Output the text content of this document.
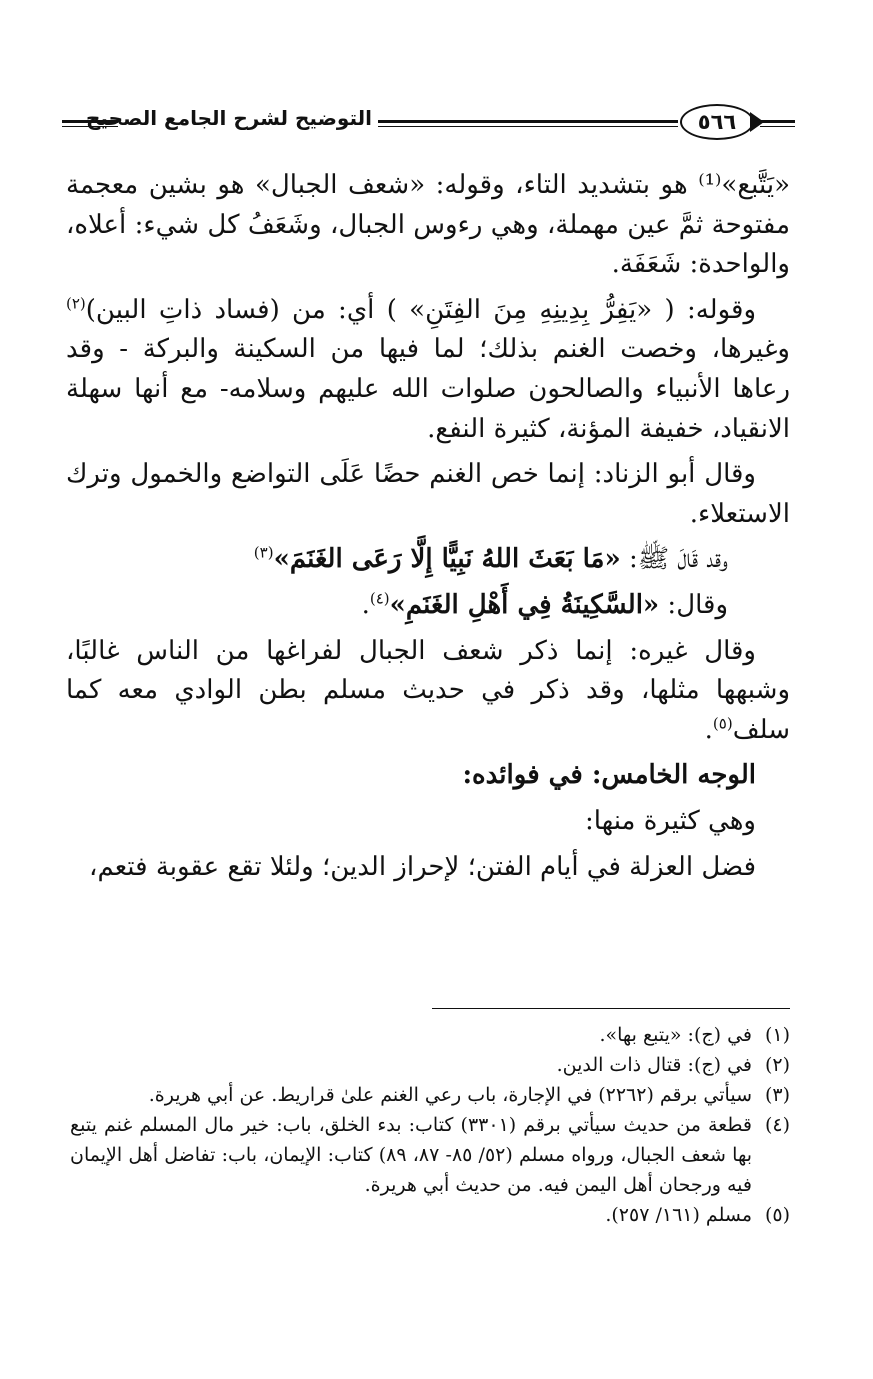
التوضيح لشرح الجامع الصحيح	٥٦٦

«يَتَّبع»⁽¹⁾ هو بتشديد التاء، وقوله: «شعف الجبال» هو بشين معجمة مفتوحة ثمَّ عين مهملة، وهي رءوس الجبال، وشَعَفُ كل شيء: أعلاه، والواحدة: شَعَفَة.

وقوله: ( «يَفِرُّ بِدِينِهِ مِنَ الفِتَنِ» ) أي: من (فساد ذاتِ البين)$^{(٢)}$ وغيرها، وخصت الغنم بذلك؛ لما فيها من السكينة والبركة - وقد رعاها الأنبياء والصالحون صلوات الله عليهم وسلامه- مع أنها سهلة الانقياد، خفيفة المؤنة، كثيرة النفع.

وقال أبو الزناد: إنما خص الغنم حضًا عَلَى التواضع والخمول وترك الاستعلاء.

وقد قَالَ ﷺ: «مَا بَعَثَ اللهُ نَبِيًّا إِلَّا رَعَى الغَنَمَ»$^{(٣)}$

وقال: «السَّكِينَةُ فِي أَهْلِ الغَنَمِ»$^{(٤)}$.

وقال غيره: إنما ذكر شعف الجبال لفراغها من الناس غالبًا، وشبهها مثلها، وقد ذكر في حديث مسلم بطن الوادي معه كما سلف$^{(٥)}$.

الوجه الخامس: في فوائده:

وهي كثيرة منها:

فضل العزلة في أيام الفتن؛ لإحراز الدين؛ ولئلا تقع عقوبة فتعم،

(١)
في (ج): «يتبع بها».
(٢)
في (ج): قتال ذات الدين.
(٣)
سيأتي برقم (٢٢٦٢) في الإجارة، باب رعي الغنم علىٰ قراريط. عن أبي هريرة.
(٤)
قطعة من حديث سيأتي برقم (٣٣٠١) كتاب: بدء الخلق، باب: خير مال المسلم غنم يتبع بها شعف الجبال، ورواه مسلم (٥٢/ ٨٥- ٨٧، ٨٩) كتاب: الإيمان، باب: تفاضل أهل الإيمان فيه ورجحان أهل اليمن فيه. من حديث أبي هريرة.
(٥)
مسلم (١٦١/ ٢٥٧).
